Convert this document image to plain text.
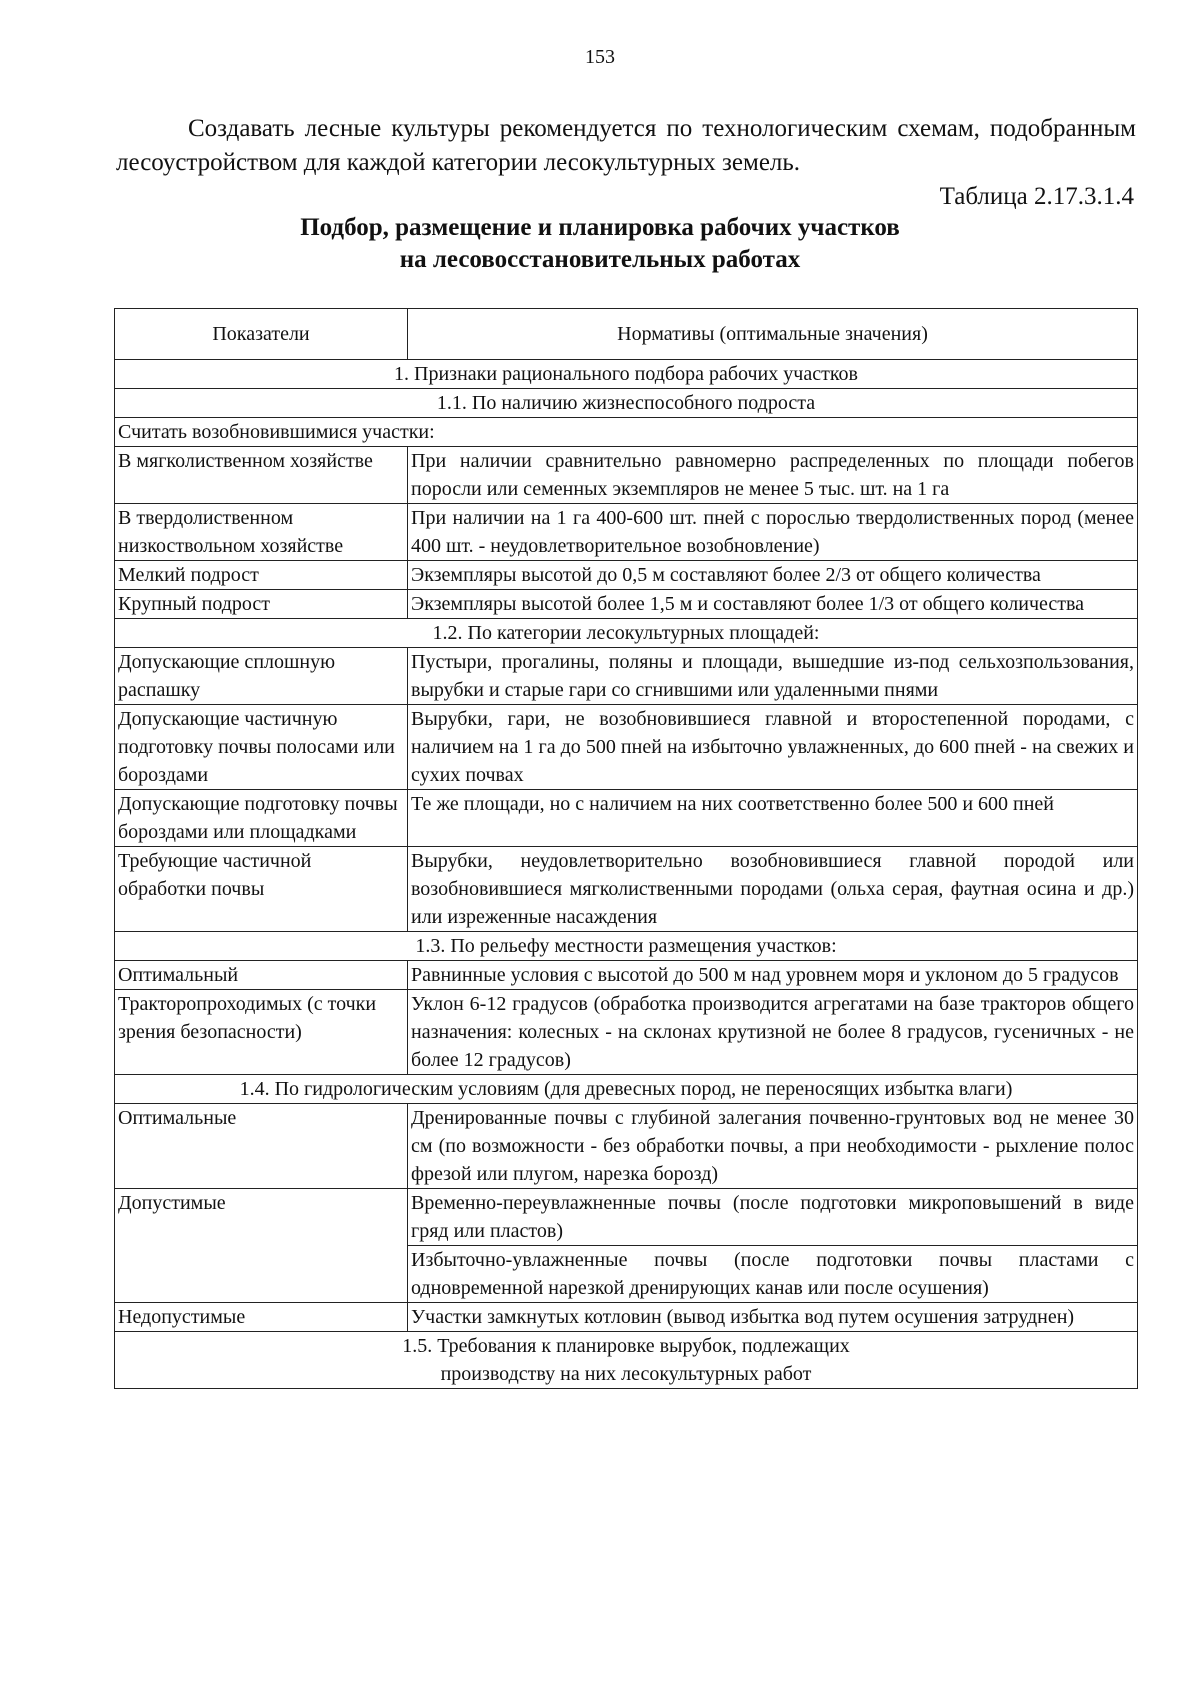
153
Создавать лесные культуры рекомендуется по технологическим схемам, подобранным лесоустройством для каждой категории лесокультурных земель.
Таблица 2.17.3.1.4
Подбор, размещение и планировка рабочих участков
на лесовосстановительных работах
Показатели	Нормативы (оптимальные значения)

1. Признаки рационального подбора рабочих участков	

1.1. По наличию жизнеспособного подроста	
Считать возобновившимися участки:	
В мягколиственном хозяйстве	При наличии сравнительно равномерно распределенных по площади побегов поросли или семенных экземпляров не менее 5 тыс. шт. на 1 га
В твердолиственном низкоствольном хозяйстве	При наличии на 1 га 400-600 шт. пней с порослью твердолиственных пород (менее 400 шт. - неудовлетворительное возобновление)
Мелкий подрост	Экземпляры высотой до 0,5 м составляют более 2/3 от общего количества
Крупный подрост	Экземпляры высотой более 1,5 м и составляют более 1/3 от общего количества
1.2. По категории лесокультурных площадей:	
Допускающие сплошную распашку	Пустыри, прогалины, поляны и площади, вышедшие из-под сельхозпользования, вырубки и старые гари со сгнившими или удаленными пнями
Допускающие частичную подготовку почвы полосами или бороздами	Вырубки, гари, не возобновившиеся главной и второстепенной породами, с наличием на 1 га до 500 пней на избыточно увлажненных, до 600 пней - на свежих и сухих почвах
Допускающие подготовку почвы бороздами или площадками	Те же площади, но с наличием на них соответственно более 500 и 600 пней
Требующие частичной обработки почвы	Вырубки, неудовлетворительно возобновившиеся главной породой или возобновившиеся мягколиственными породами (ольха серая, фаутная осина и др.) или изреженные насаждения
1.3. По рельефу местности размещения участков:	
Оптимальный	Равнинные условия с высотой до 500 м над уровнем моря и уклоном до 5 градусов
Тракторопроходимых (с точки зрения безопасности)	Уклон 6-12 градусов (обработка производится агрегатами на базе тракторов общего назначения: колесных - на склонах крутизной не более 8 градусов, гусеничных - не более 12 градусов)
1.4. По гидрологическим условиям (для древесных пород, не переносящих избытка влаги)	
Оптимальные	Дренированные почвы с глубиной залегания почвенно-грунтовых вод не менее 30 см (по возможности - без обработки почвы, а при необходимости - рыхление полос фрезой или плугом, нарезка борозд)
Допустимые	Временно-переувлажненные почвы (после подготовки микроповышений в виде гряд или пластов)
	Избыточно-увлажненные почвы (после подготовки почвы пластами с одновременной нарезкой дренирующих канав или после осушения)
Недопустимые	Участки замкнутых котловин (вывод избытка вод путем осушения затруднен)

1.5. Требования к планировке вырубок, подлежащих
производству на них лесокультурных работ	
